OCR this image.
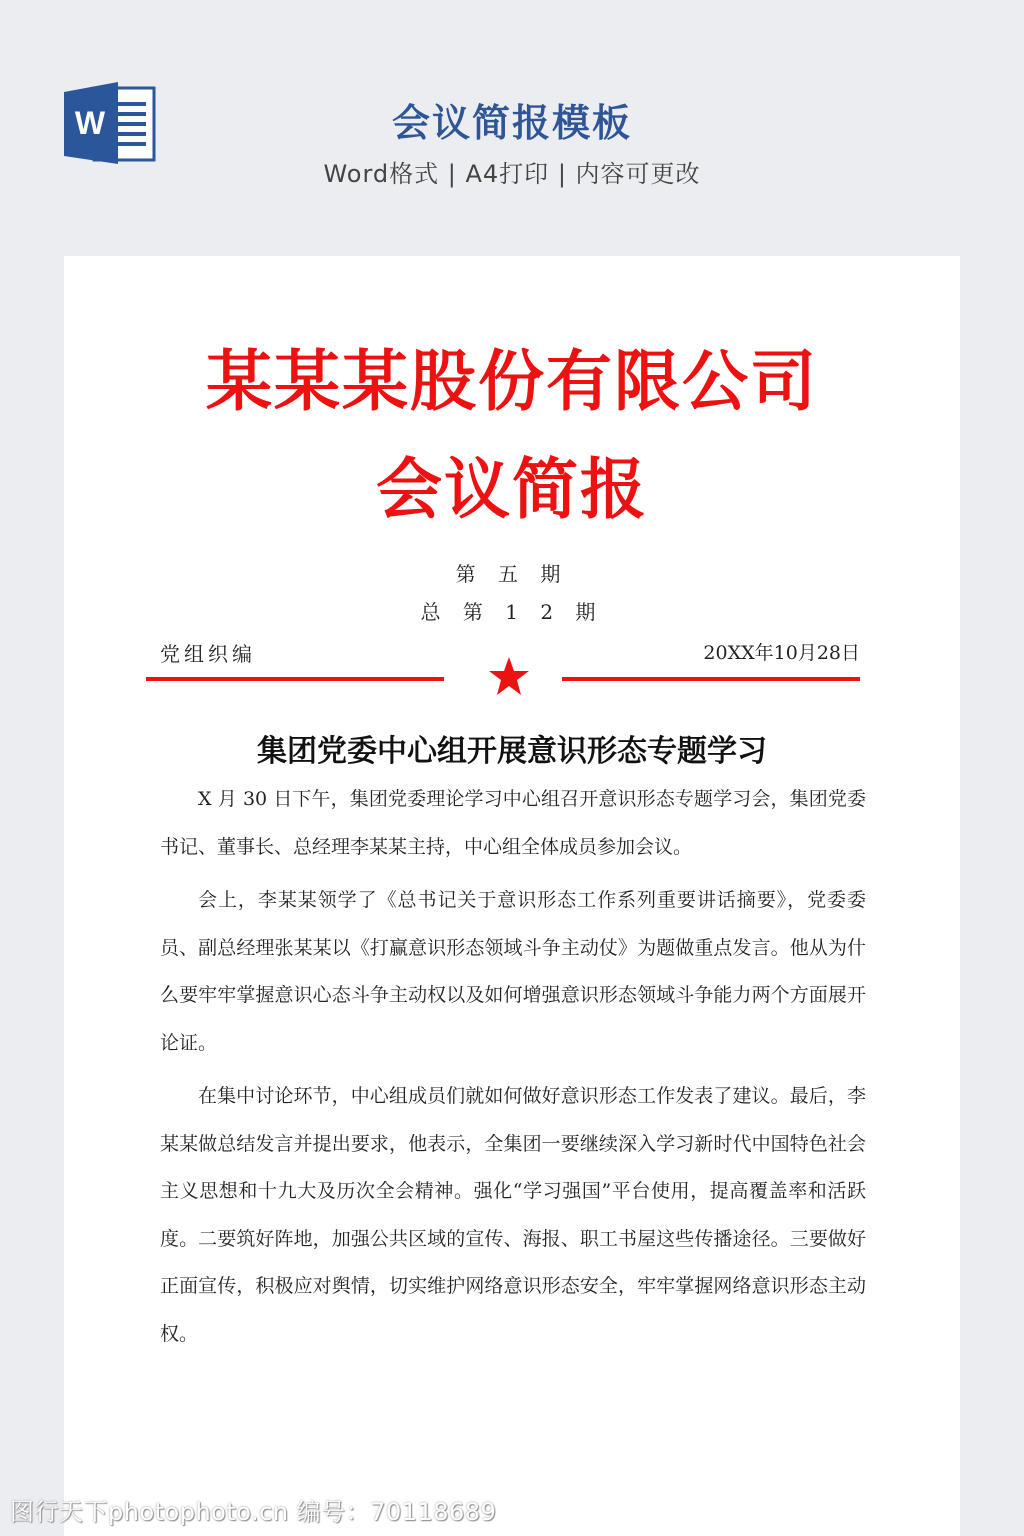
W	会议简报模板
Word格式 | A4打印 | 内容可更改
某某某股份有限公司
会议简报
第 五 期
总 第 1 2 期
党组织编	20XX年10月28日
集团党委中心组开展意识形态专题学习

X 月 30 日下午，集团党委理论学习中心组召开意识形态专题学习会，集团党委书记、董事长、总经理李某某主持，中心组全体成员参加会议。

会上，李某某领学了《总书记关于意识形态工作系列重要讲话摘要》，党委委员、副总经理张某某以《打赢意识形态领域斗争主动仗》为题做重点发言。他从为什么要牢牢掌握意识心态斗争主动权以及如何增强意识形态领域斗争能力两个方面展开论证。

在集中讨论环节，中心组成员们就如何做好意识形态工作发表了建议。最后，李某某做总结发言并提出要求，他表示，全集团一要继续深入学习新时代中国特色社会主义思想和十九大及历次全会精神。强化“学习强国”平台使用，提高覆盖率和活跃度。二要筑好阵地，加强公共区域的宣传、海报、职工书屋这些传播途径。三要做好正面宣传，积极应对舆情，切实维护网络意识形态安全，牢牢掌握网络意识形态主动权。

图行天下photophoto.cn 编号：70118689
